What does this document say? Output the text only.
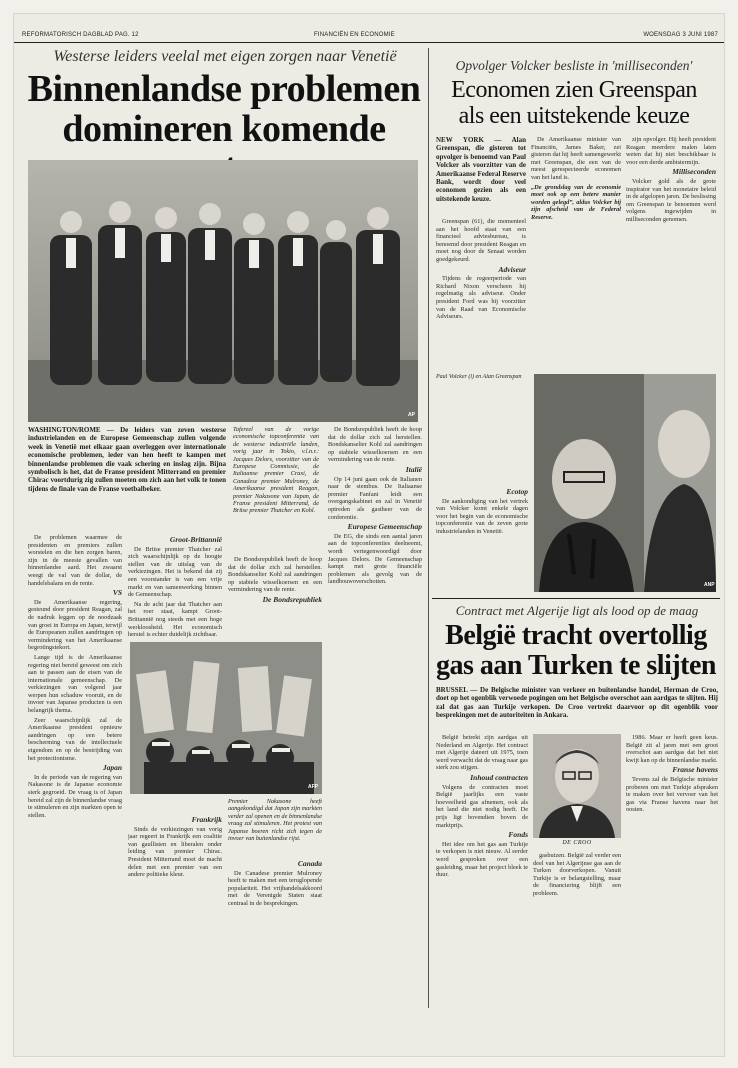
REFORMATORISCH DAGBLAD PAG. 12	FINANCIËN EN ECONOMIE	WOENSDAG 3 JUNI 1987
Westerse leiders veelal met eigen zorgen naar Venetië
Binnenlandse problemen
domineren komende
AP
WASHINGTON/ROME — De leiders van zeven westerse industrielanden en de Europese Gemeenschap zullen volgende week in Venetië met elkaar gaan overleggen over internationale economische problemen, ieder van hen heeft te kampen met binnenlandse problemen die vaak schering en inslag zijn. Bijna symbolisch is het, dat de Franse president Mitterrand en premier Chirac voortdurig zig zullen moeten om zich aan het volk te tonen tijdens de finale van de Franse voetbalbeker.
Tafereel van de vorige economische topconferentie van de westerse industriële landen, vorig jaar in Tokio, v.l.n.r.: Jacques Delors, voorzitter van de Europese Commissie, de Italiaanse premier Craxi, de Canadese premier Mulroney, de Amerikaanse president Reagan, premier Nakasone van Japan, de Franse president Mitterrand, de Britse premier Thatcher en Kohl.

De problemen waarmee de presidenten en premiers zullen worstelen en die hen zorgen baren, zijn in de meeste gevallen van binnenlandse aard. Het zwaarst weegt de val van de dollar, de handelsbalans en de rente.

VS

De Amerikaanse regering, gesteund door president Reagan, zal de nadruk leggen op de noodzaak van groei in Europa en Japan, terwijl de Europeanen zullen aandringen op vermindering van het Amerikaanse begrotingstekort.

Lange tijd is de Amerikaanse regering niet bereid geweest om zich aan te passen aan de eisen van de internationale gemeenschap. De verkiezingen van volgend jaar werpen hun schaduw vooruit, en de invoer van Japanse producten is een belangrijk thema.

Zeer waarschijnlijk zal de Amerikaanse president opnieuw aandringen op een betere bescherming van de intellectuele eigendom en op de bestrijding van het protectionisme.

Japan

In de periode van de regering van Nakasone is de Japanse economie sterk gegroeid. De vraag is of Japan bereid zal zijn de binnenlandse vraag te stimuleren en zijn markten open te stellen.

Groot-Brittannië

De Britse premier Thatcher zal zich waarschijnlijk op de hoogte stellen van de uitslag van de verkiezingen. Het is bekend dat zij een voorstander is van een vrije markt en van samenwerking binnen de Gemeenschap.

Na de acht jaar dat Thatcher aan het roer staat, kampt Groot-Brittannië nog steeds met een hoge werkloosheid. Het economisch herstel is echter duidelijk zichtbaar.

De Bondsrepubliek heeft de hoop dat de dollar zich zal herstellen. Bondskanselier Kohl zal aandringen op stabiele wisselkoersen en een vermindering van de rente.

De Bondsrepubliek
AFP
Frankrijk

Sinds de verkiezingen van vorig jaar regeert in Frankrijk een coalitie van gaullisten en liberalen onder leiding van premier Chirac. President Mitterrand moet de macht delen met een premier van een andere politieke kleur.

Premier Nakasone heeft aangekondigd dat Japan zijn markten verder zal openen en de binnenlandse vraag zal stimuleren. Het protest van Japanse boeren richt zich tegen de invoer van buitenlandse rijst.
Canada

De Canadese premier Mulroney heeft te maken met een teruglopende populariteit. Het vrijhandelsakkoord met de Verenigde Staten staat centraal in de besprekingen.

De Bondsrepubliek heeft de hoop dat de dollar zich zal herstellen. Bondskanselier Kohl zal aandringen op stabiele wisselkoersen en een vermindering van de rente.

Italië

Op 14 juni gaan ook de Italianen naar de stembus. De Italiaanse premier Fanfani leidt een overgangskabinet en zal in Venetië optreden als gastheer van de conferentie.

Europese Gemeenschap

De EG, die sinds een aantal jaren aan de topconferenties deelneemt, wordt vertegenwoordigd door Jacques Delors. De Gemeenschap kampt met grote financiële problemen als gevolg van de landbouwoverschotten.

Opvolger Volcker besliste in 'milliseconden'
Economen zien Greenspan
als een uitstekende keuze
NEW YORK — Alan Greenspan, die gisteren tot opvolger is benoemd van Paul Volcker als voorzitter van de Amerikaanse Federal Reserve Bank, wordt door veel economen gezien als een uitstekende keuze.

Greenspan (61), die momenteel aan het hoofd staat van een financieel adviesbureau, is benoemd door president Reagan en moet nog door de Senaat worden goedgekeurd.

Adviseur

Tijdens de regeerperiode van Richard Nixon verscheen hij regelmatig als adviseur. Onder president Ford was hij voorzitter van de Raad van Economische Adviseurs.

De Amerikaanse minister van Financiën, James Baker, zei gisteren dat hij heeft samengewerkt met Greenspan, die een van de meest gerespecteerde economen van het land is.

„De grondslag van de economie moet ook op een betere manier worden gelegd”, aldus Volcker bij zijn afscheid van de Federal Reserve.

zijn opvolger. Hij heeft president Reagan meerdere malen laten weten dat hij niet beschikbaar is voor een derde ambtstermijn.

Milliseconden

Volcker gold als de grote inspirator van het monetaire beleid in de afgelopen jaren. De beslissing om Greenspan te benoemen werd volgens ingewijden in milliseconden genomen.

Paul Volcker (l) en Alan Greenspan
ANP
Ecotop

De aankondiging van het vertrek van Volcker komt enkele dagen voor het begin van de economische topconferentie van de zeven grote industrielanden in Venetië.

Contract met Algerije ligt als lood op de maag
België tracht overtollig
gas aan Turken te slijten
BRUSSEL — De Belgische minister van verkeer en buitenlandse handel, Herman de Croo, doet op het ogenblik verwoede pogingen om het Belgische overschot aan aardgas te slijten. Hij zal dat gas aan Turkije verkopen. De Croo vertrekt daarvoor op dit ogenblik voor besprekingen met de autoriteiten in Ankara.

België betrekt zijn aardgas uit Nederland en Algerije. Het contract met Algerije dateert uit 1975, toen werd verwacht dat de vraag naar gas sterk zou stijgen.

Inhoud contracten

Volgens de contracten moet België jaarlijks een vaste hoeveelheid gas afnemen, ook als het land die niet nodig heeft. De prijs ligt bovendien boven de marktprijs.

Fonds

Het idee om het gas aan Turkije te verkopen is niet nieuw. Al eerder werd gesproken over een gasleiding, maar het project bleek te duur.

DE CROO

gasbuizen. België zal verder een deel van het Algerijnse gas aan de Turken doorverkopen. Vanuit Turkije is er belangstelling, maar de financiering blijft een probleem.

1986. Maar er heeft geen keus. België zit al jaren met een groot overschot aan aardgas dat het niet kwijt kan op de binnenlandse markt.

Franse havens

Tevens zal de Belgische minister proberen om met Turkije afspraken te maken over het vervoer van het gas via Franse havens naar het oosten.
